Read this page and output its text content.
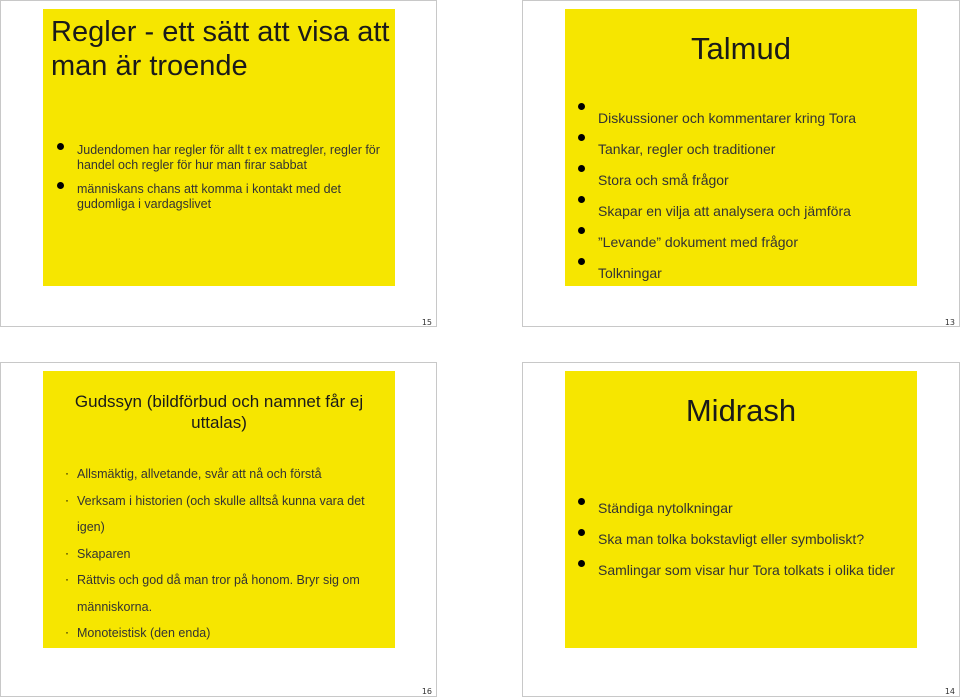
Regler - ett sätt att visa att man är troende
Judendomen har regler för allt t ex matregler, regler för handel och regler för hur man firar sabbat
människans chans att komma i kontakt med det gudomliga i vardagslivet
15
Talmud
Diskussioner och kommentarer kring Tora
Tankar, regler och traditioner
Stora och små frågor
Skapar en vilja att analysera och jämföra
”Levande” dokument med frågor
Tolkningar
13
Gudssyn (bildförbud och namnet får ej uttalas)
· Allsmäktig, allvetande, svår att nå och förstå
· Verksam i historien (och skulle alltså kunna vara det igen)
· Skaparen
· Rättvis och god då man tror på honom. Bryr sig om människorna.
· Monoteistisk (den enda)
16
Midrash
Ständiga nytolkningar
Ska man tolka bokstavligt eller symboliskt?
Samlingar som visar hur Tora tolkats i olika tider
14
